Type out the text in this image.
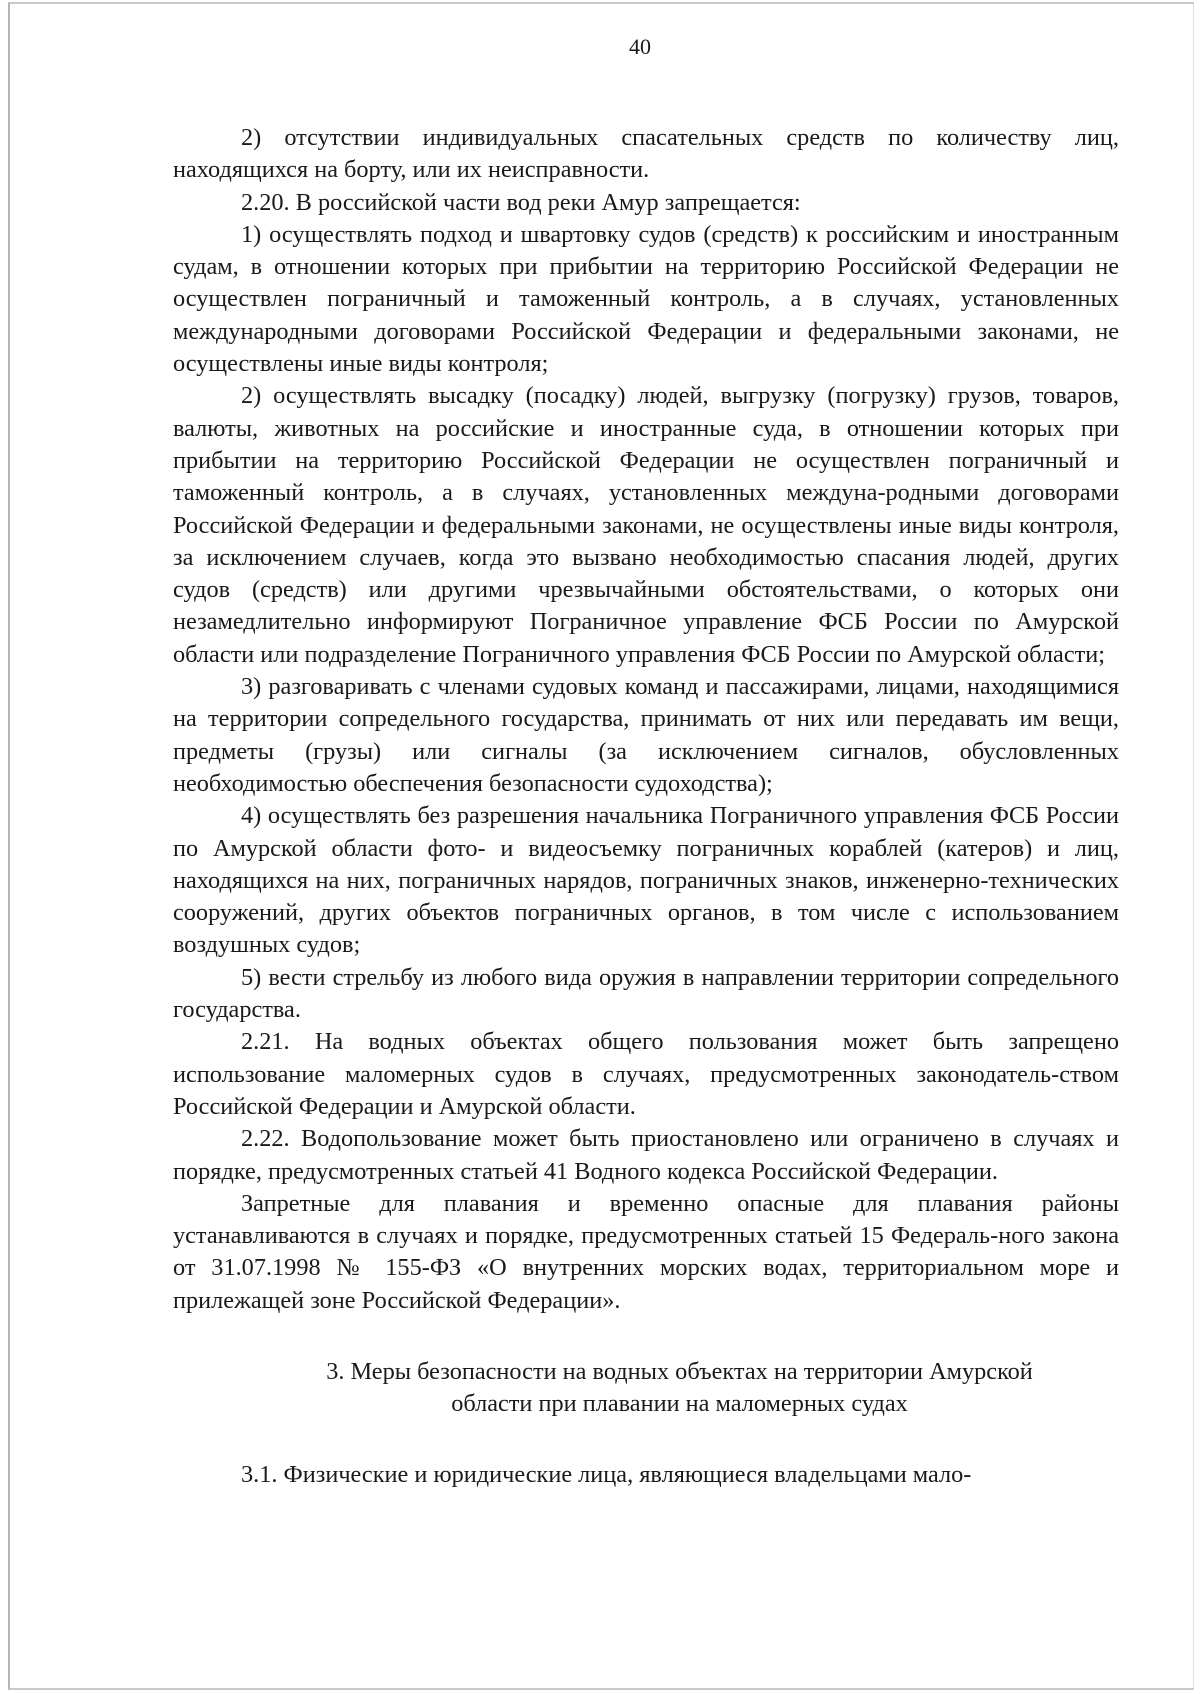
40

2) отсутствии индивидуальных спасательных средств по количеству лиц, находящихся на борту, или их неисправности.

2.20. В российской части вод реки Амур запрещается:

1) осуществлять подход и швартовку судов (средств) к российским и иностранным судам, в отношении которых при прибытии на территорию Российской Федерации не осуществлен пограничный и таможенный контроль, а в случаях, установленных международными договорами Российской Федерации и федеральными законами, не осуществлены иные виды контроля;

2) осуществлять высадку (посадку) людей, выгрузку (погрузку) грузов, товаров, валюты, животных на российские и иностранные суда, в отношении которых при прибытии на территорию Российской Федерации не осуществлен пограничный и таможенный контроль, а в случаях, установленных междуна-родными договорами Российской Федерации и федеральными законами, не осуществлены иные виды контроля, за исключением случаев, когда это вызвано необходимостью спасания людей, других судов (средств) или другими чрезвычайными обстоятельствами, о которых они незамедлительно информируют Пограничное управление ФСБ России по Амурской области или подразделение Пограничного управления ФСБ России по Амурской области;

3) разговаривать с членами судовых команд и пассажирами, лицами, находящимися на территории сопредельного государства, принимать от них или передавать им вещи, предметы (грузы) или сигналы (за исключением сигналов, обусловленных необходимостью обеспечения безопасности судоходства);

4) осуществлять без разрешения начальника Пограничного управления ФСБ России по Амурской области фото- и видеосъемку пограничных кораблей (катеров) и лиц, находящихся на них, пограничных нарядов, пограничных знаков, инженерно-технических сооружений, других объектов пограничных органов, в том числе с использованием воздушных судов;

5) вести стрельбу из любого вида оружия в направлении территории сопредельного государства.

2.21. На водных объектах общего пользования может быть запрещено использование маломерных судов в случаях, предусмотренных законодатель-ством Российской Федерации и Амурской области.

2.22. Водопользование может быть приостановлено или ограничено в случаях и порядке, предусмотренных статьей 41 Водного кодекса Российской Федерации.

Запретные для плавания и временно опасные для плавания районы устанавливаются в случаях и порядке, предусмотренных статьей 15 Федераль-ного закона от 31.07.1998 № 155-ФЗ «О внутренних морских водах, территориальном море и прилежащей зоне Российской Федерации».

3. Меры безопасности на водных объектах на территории Амурской
области при плавании на маломерных судах

3.1. Физические и юридические лица, являющиеся владельцами мало-
